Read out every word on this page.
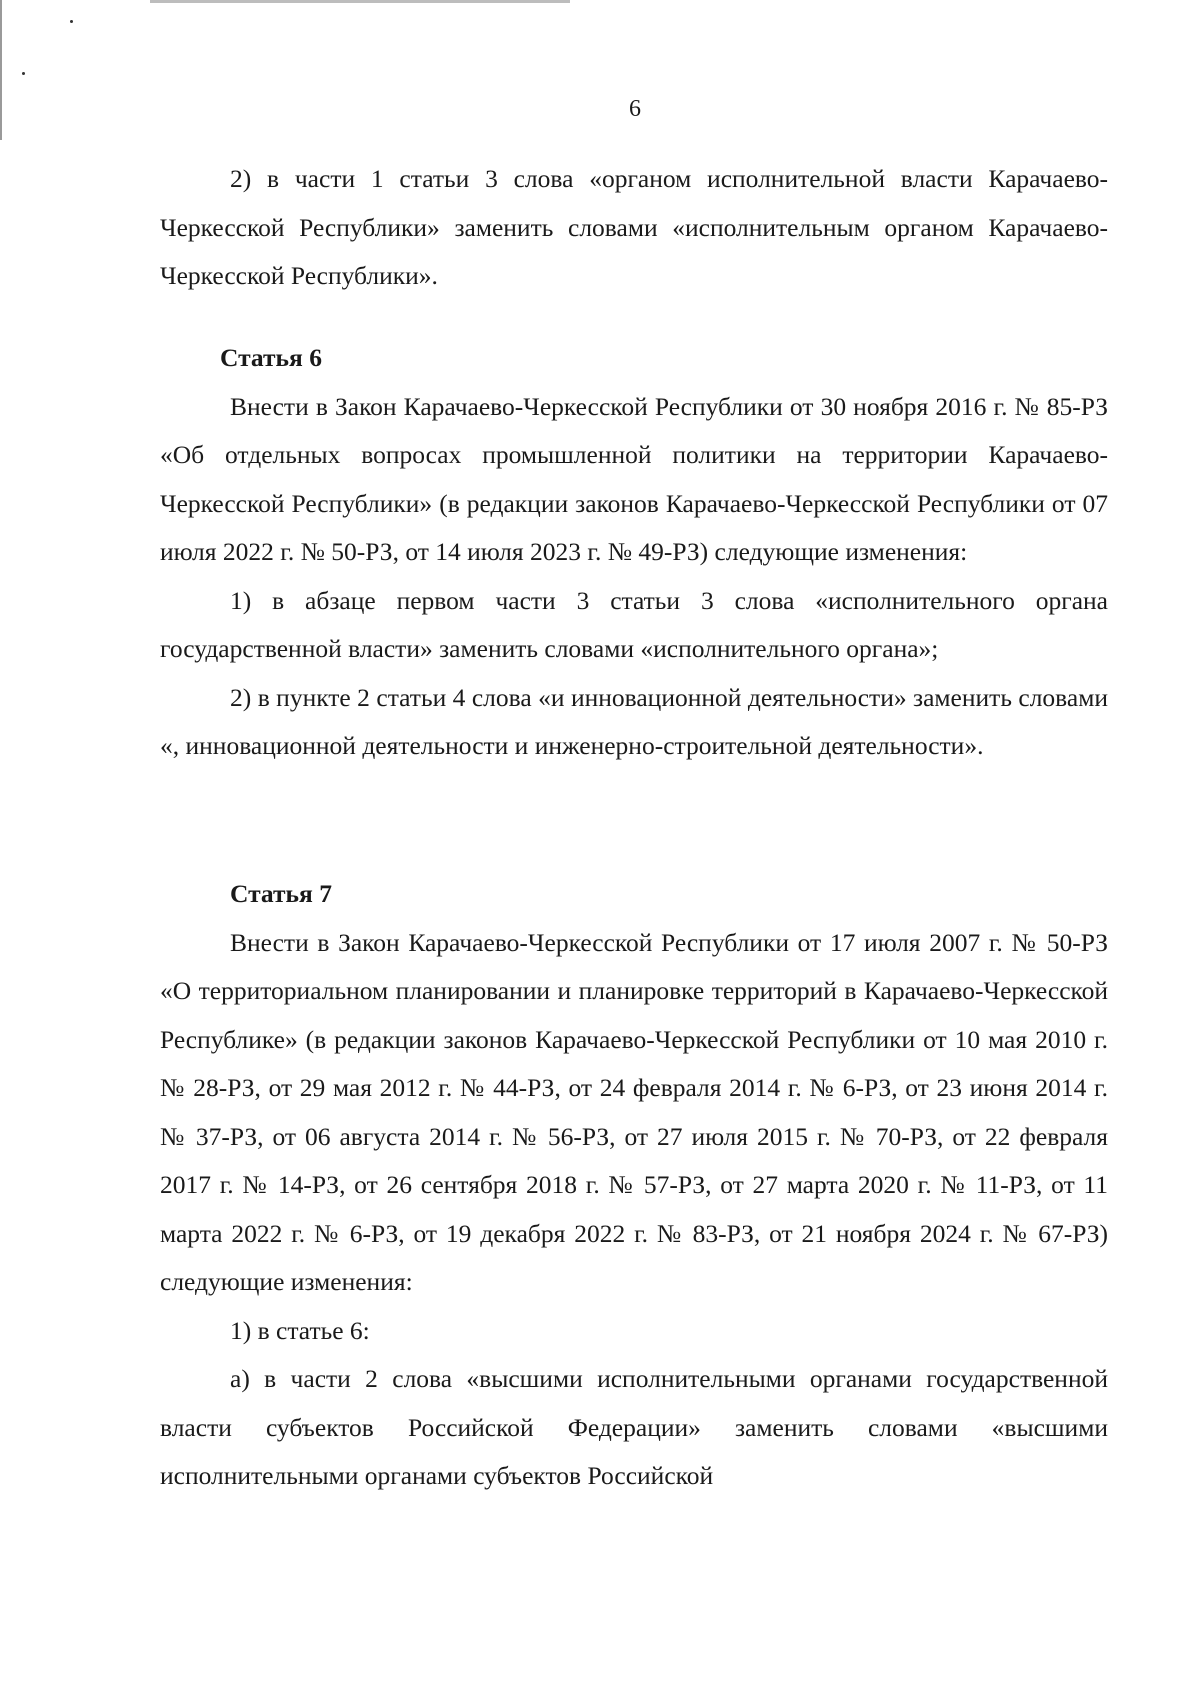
6

2) в части 1 статьи 3 слова «органом исполнительной власти Карачаево-Черкесской Республики» заменить словами «исполнительным органом Карачаево-Черкесской Республики».

Статья 6

Внести в Закон Карачаево-Черкесской Республики от 30 ноября 2016 г. № 85-РЗ «Об отдельных вопросах промышленной политики на территории Карачаево-Черкесской Республики» (в редакции законов Карачаево-Черкесской Республики от 07 июля 2022 г. № 50-РЗ, от 14 июля 2023 г. № 49-РЗ) следующие изменения:

1) в абзаце первом части 3 статьи 3 слова «исполнительного органа государственной власти» заменить словами «исполнительного органа»;

2) в пункте 2 статьи 4 слова «и инновационной деятельности» заменить словами «, инновационной деятельности и инженерно-строительной деятельности».

Статья 7

Внести в Закон Карачаево-Черкесской Республики от 17 июля 2007 г. № 50-РЗ «О территориальном планировании и планировке территорий в Карачаево-Черкесской Республике» (в редакции законов Карачаево-Черкесской Республики от 10 мая 2010 г. № 28-РЗ, от 29 мая 2012 г. № 44-РЗ, от 24 февраля 2014 г. № 6-РЗ, от 23 июня 2014 г. № 37-РЗ, от 06 августа 2014 г. № 56-РЗ, от 27 июля 2015 г. № 70-РЗ, от 22 февраля 2017 г. № 14-РЗ, от 26 сентября 2018 г. № 57-РЗ, от 27 марта 2020 г. № 11-РЗ, от 11 марта 2022 г. № 6-РЗ, от 19 декабря 2022 г. № 83-РЗ, от 21 ноября 2024 г. № 67-РЗ) следующие изменения:

1) в статье 6:

а) в части 2 слова «высшими исполнительными органами государственной власти субъектов Российской Федерации» заменить словами «высшими исполнительными органами субъектов Российской
